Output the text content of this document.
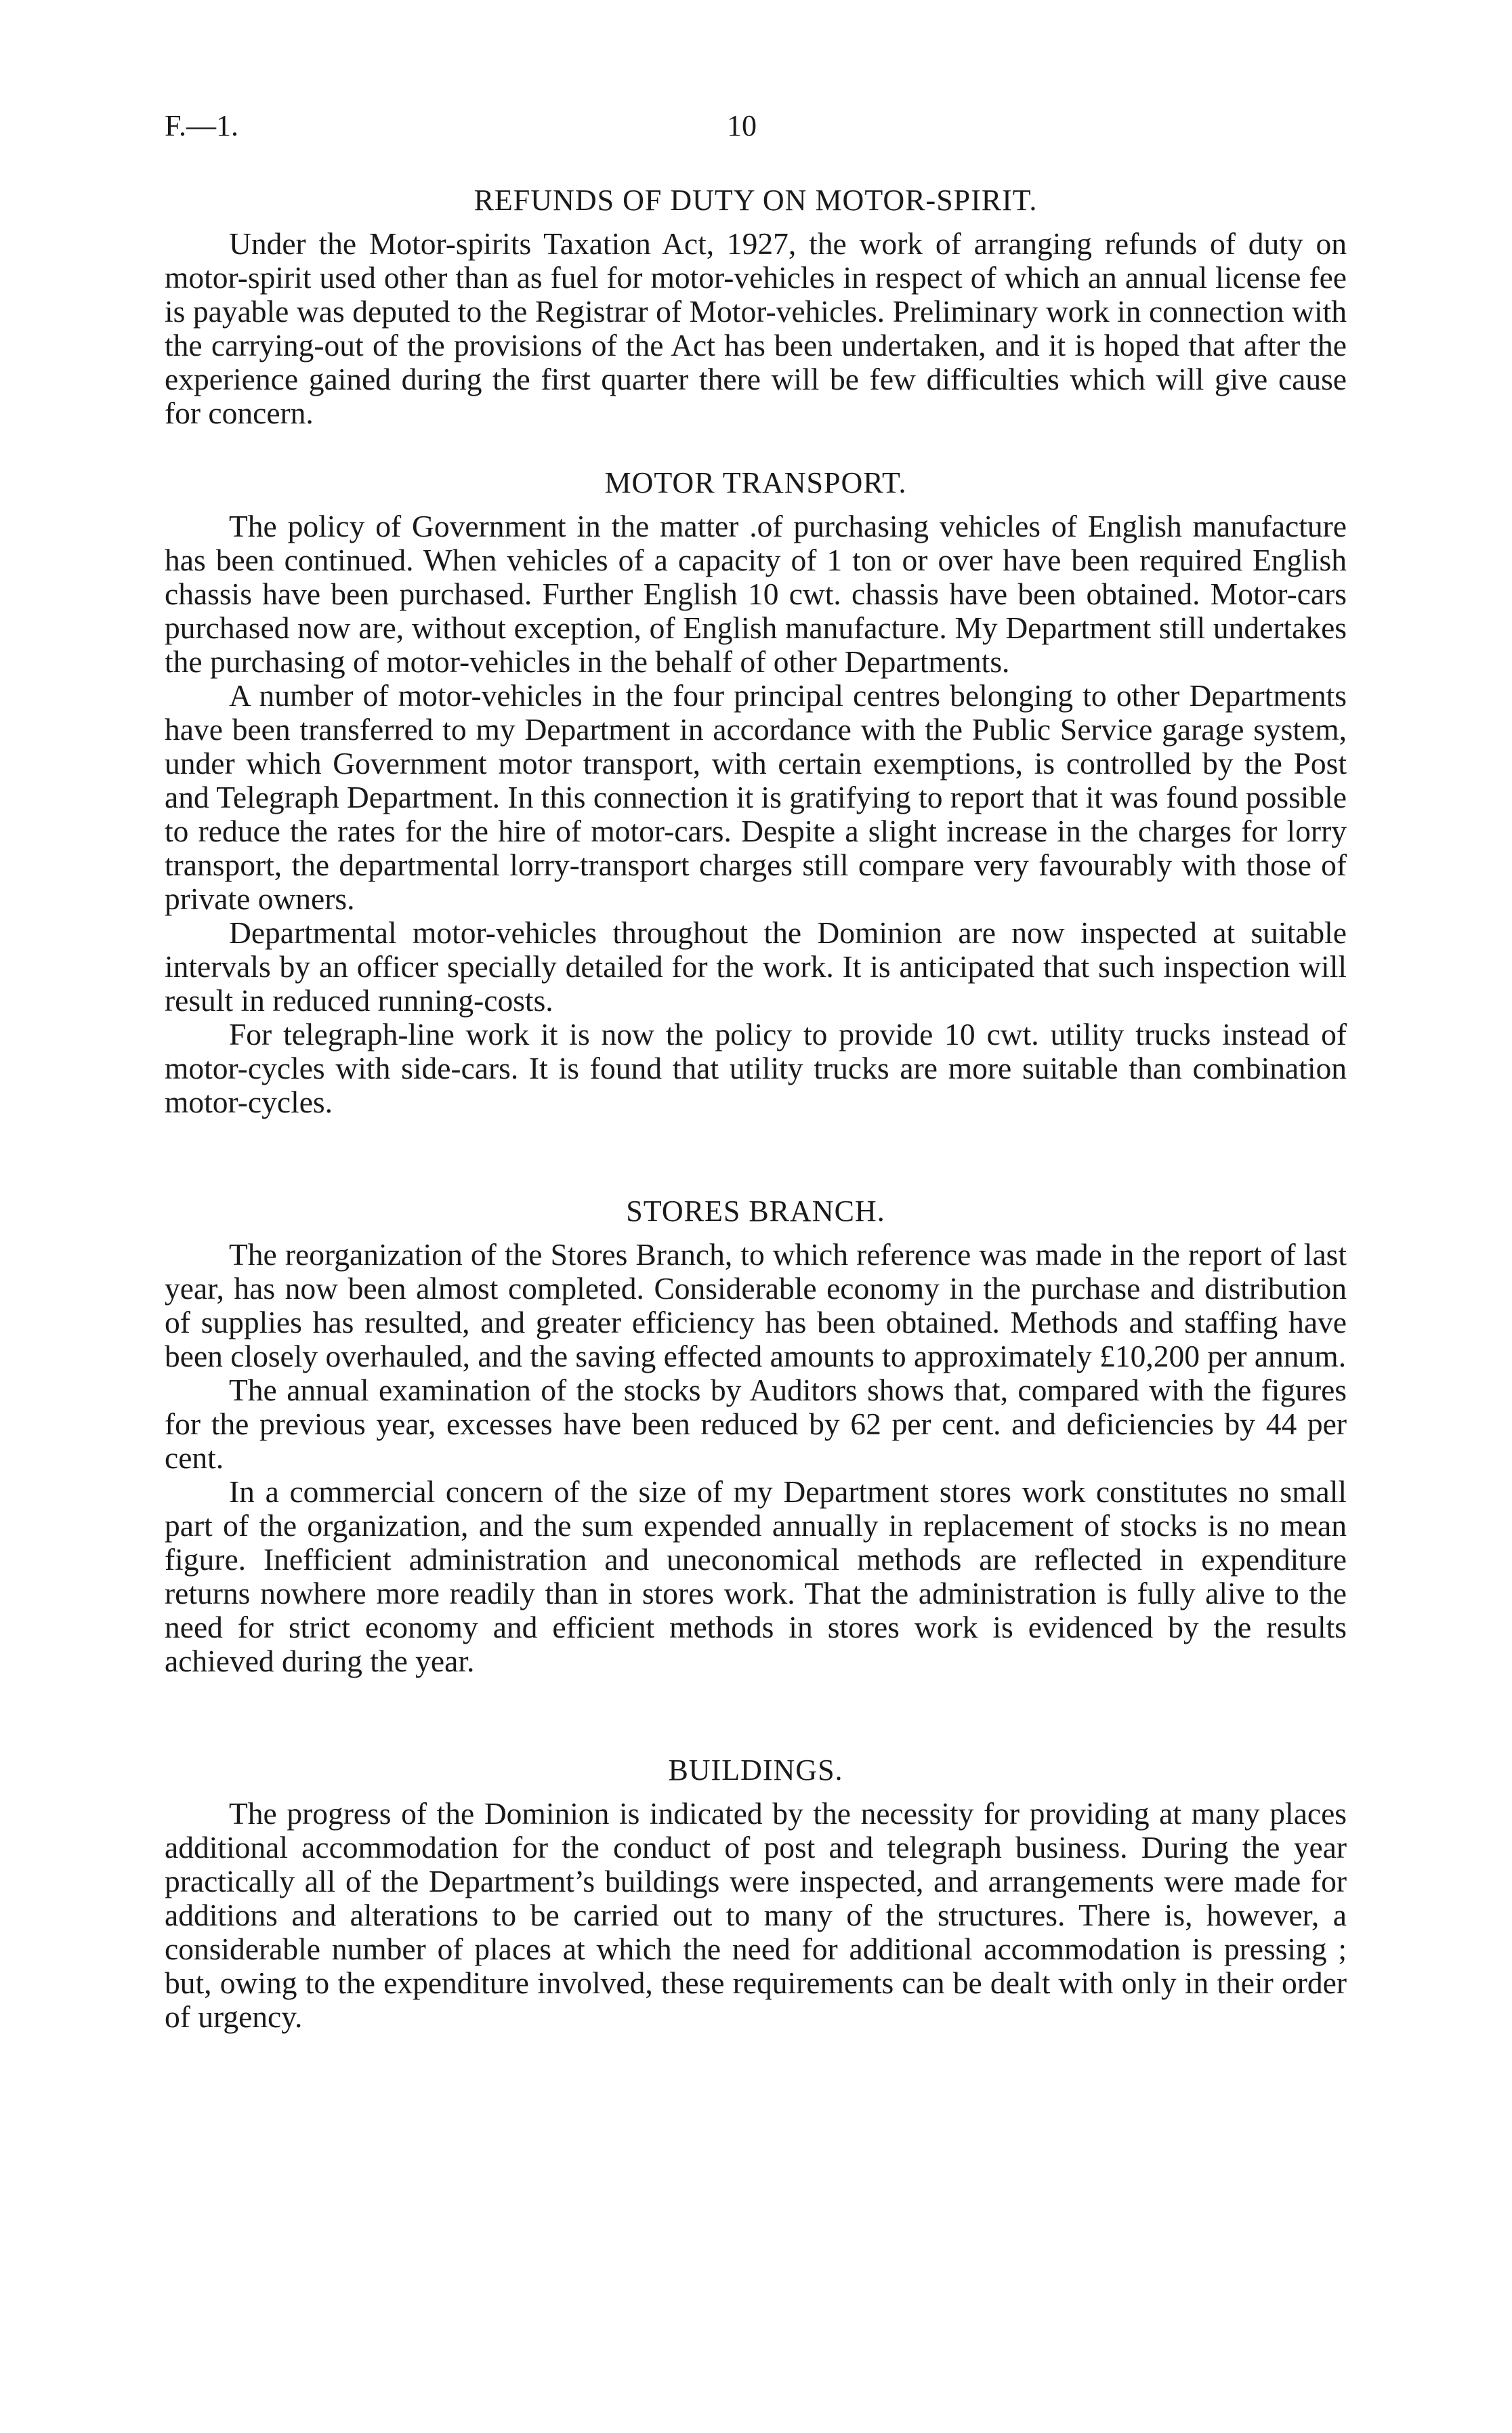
F.—1.	10
REFUNDS OF DUTY ON MOTOR-SPIRIT.

Under the Motor-spirits Taxation Act, 1927, the work of arranging refunds of duty on motor-spirit used other than as fuel for motor-vehicles in respect of which an annual license fee is payable was deputed to the Registrar of Motor-vehicles. Preliminary work in connection with the carrying-out of the provisions of the Act has been undertaken, and it is hoped that after the experience gained during the first quarter there will be few difficulties which will give cause for concern.

MOTOR TRANSPORT.

The policy of Government in the matter .of purchasing vehicles of English manufacture has been continued. When vehicles of a capacity of 1 ton or over have been required English chassis have been purchased. Further English 10 cwt. chassis have been obtained. Motor-cars purchased now are, without exception, of English manufacture. My Department still undertakes the purchasing of motor-vehicles in the behalf of other Departments.

A number of motor-vehicles in the four principal centres belonging to other Departments have been transferred to my Department in accordance with the Public Service garage system, under which Government motor transport, with certain exemptions, is controlled by the Post and Telegraph Department. In this connection it is gratifying to report that it was found possible to reduce the rates for the hire of motor-cars. Despite a slight increase in the charges for lorry transport, the departmental lorry-transport charges still compare very favourably with those of private owners.

Departmental motor-vehicles throughout the Dominion are now inspected at suitable intervals by an officer specially detailed for the work. It is anticipated that such inspection will result in reduced running-costs.

For telegraph-line work it is now the policy to provide 10 cwt. utility trucks instead of motor-cycles with side-cars. It is found that utility trucks are more suitable than combination motor-cycles.

STORES BRANCH.

The reorganization of the Stores Branch, to which reference was made in the report of last year, has now been almost completed. Considerable economy in the purchase and distribution of supplies has resulted, and greater efficiency has been obtained. Methods and staffing have been closely overhauled, and the saving effected amounts to approximately £10,200 per annum.

The annual examination of the stocks by Auditors shows that, compared with the figures for the previous year, excesses have been reduced by 62 per cent. and deficiencies by 44 per cent.

In a commercial concern of the size of my Department stores work constitutes no small part of the organization, and the sum expended annually in replacement of stocks is no mean figure. Inefficient administration and uneconomical methods are reflected in expenditure returns nowhere more readily than in stores work. That the administration is fully alive to the need for strict economy and efficient methods in stores work is evidenced by the results achieved during the year.

BUILDINGS.

The progress of the Dominion is indicated by the necessity for providing at many places additional accommodation for the conduct of post and telegraph business. During the year practically all of the Department’s buildings were inspected, and arrangements were made for additions and alterations to be carried out to many of the structures. There is, however, a considerable number of places at which the need for additional accommodation is pressing ; but, owing to the expenditure involved, these requirements can be dealt with only in their order of urgency.
